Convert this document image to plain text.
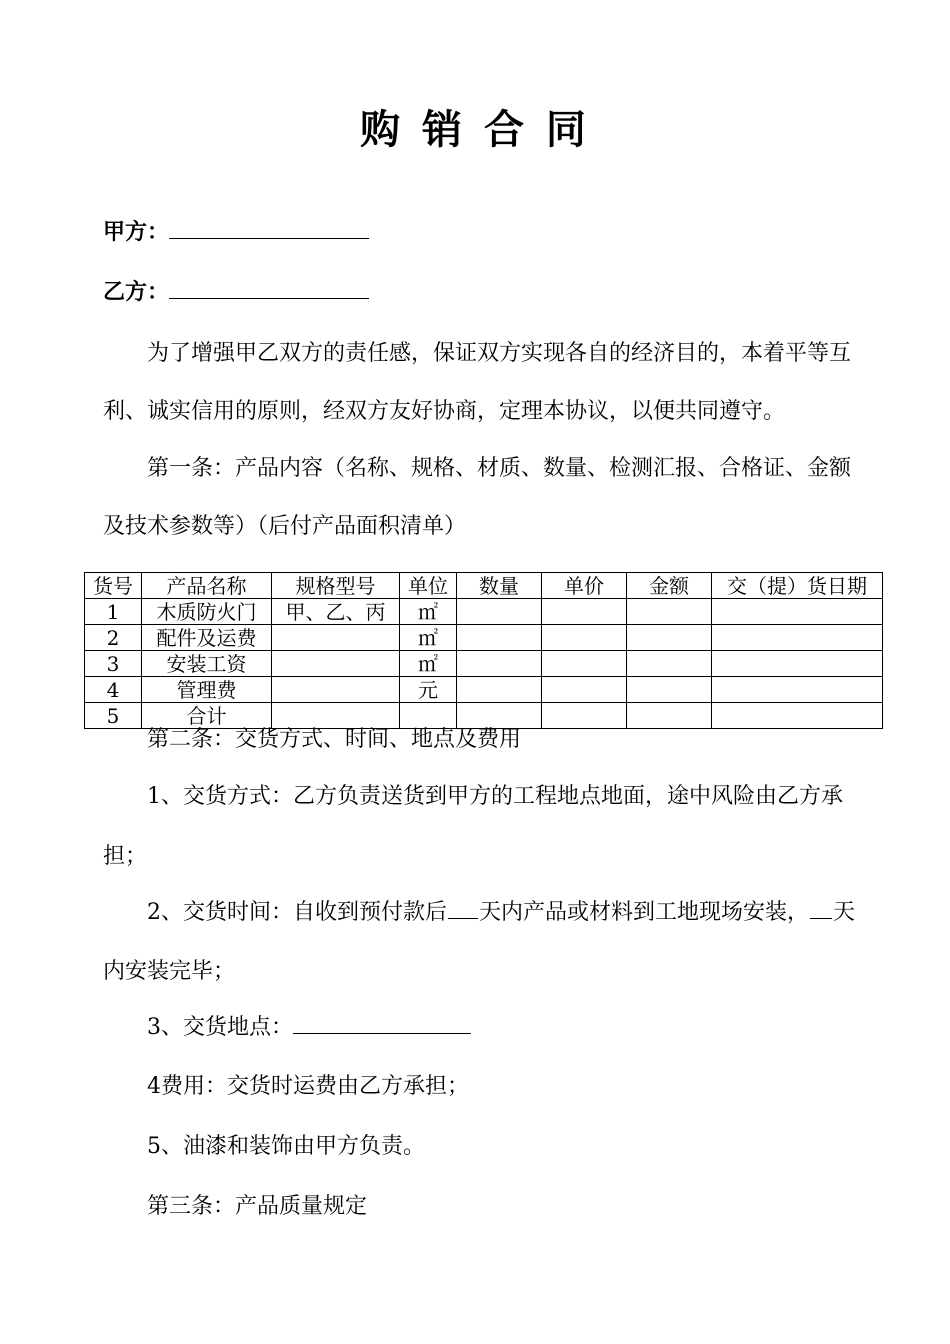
购 销 合 同
甲方：
乙方：
为了增强甲乙双方的责任感，保证双方实现各自的经济目的，本着平等互
利、诚实信用的原则，经双方友好协商，定理本协议，以便共同遵守。
第一条：产品内容（名称、规格、材质、数量、检测汇报、合格证、金额
及技术参数等）（后付产品面积清单）
货号	产品名称	规格型号	单位	数量	单价	金额	交（提）货日期
1	木质防火门	甲、乙、丙	㎡				
2	配件及运费		㎡				
3	安装工资		㎡				
4	管理费		元				
5	合计						
第二条：交货方式、时间、地点及费用
1、交货方式：乙方负责送货到甲方的工程地点地面，途中风险由乙方承
担；
2、交货时间：自收到预付款后 天内产品或材料到工地现场安装， 天
内安装完毕；
3、交货地点：
4费用：交货时运费由乙方承担；
5、油漆和装饰由甲方负责。
第三条：产品质量规定
